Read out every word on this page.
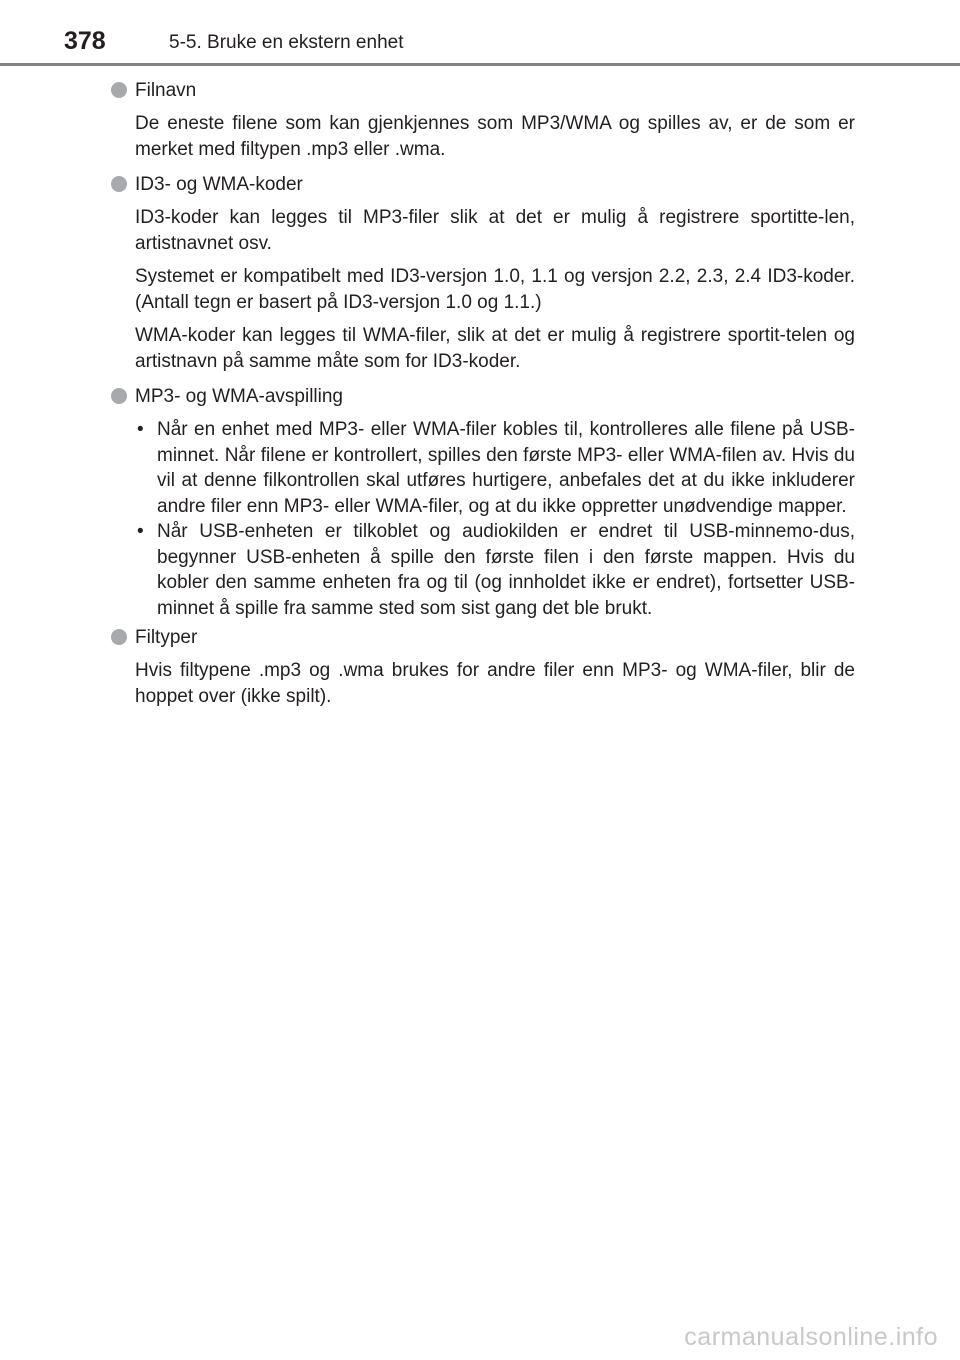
378	5-5. Bruke en ekstern enhet
Filnavn

De eneste filene som kan gjenkjennes som MP3/WMA og spilles av, er de som er merket med filtypen .mp3 eller .wma.

ID3- og WMA-koder

ID3-koder kan legges til MP3-filer slik at det er mulig å registrere sportitte-len, artistnavnet osv.

Systemet er kompatibelt med ID3-versjon 1.0, 1.1 og versjon 2.2, 2.3, 2.4 ID3-koder. (Antall tegn er basert på ID3-versjon 1.0 og 1.1.)

WMA-koder kan legges til WMA-filer, slik at det er mulig å registrere sportit-telen og artistnavn på samme måte som for ID3-koder.

MP3- og WMA-avspilling
• Når en enhet med MP3- eller WMA-filer kobles til, kontrolleres alle filene på USB-minnet. Når filene er kontrollert, spilles den første MP3- eller WMA-filen av. Hvis du vil at denne filkontrollen skal utføres hurtigere, anbefales det at du ikke inkluderer andre filer enn MP3- eller WMA-filer, og at du ikke oppretter unødvendige mapper.
• Når USB-enheten er tilkoblet og audiokilden er endret til USB-minnemo-dus, begynner USB-enheten å spille den første filen i den første mappen. Hvis du kobler den samme enheten fra og til (og innholdet ikke er endret), fortsetter USB-minnet å spille fra samme sted som sist gang det ble brukt.
Filtyper

Hvis filtypene .mp3 og .wma brukes for andre filer enn MP3- og WMA-filer, blir de hoppet over (ikke spilt).

carmanualsonline.info
